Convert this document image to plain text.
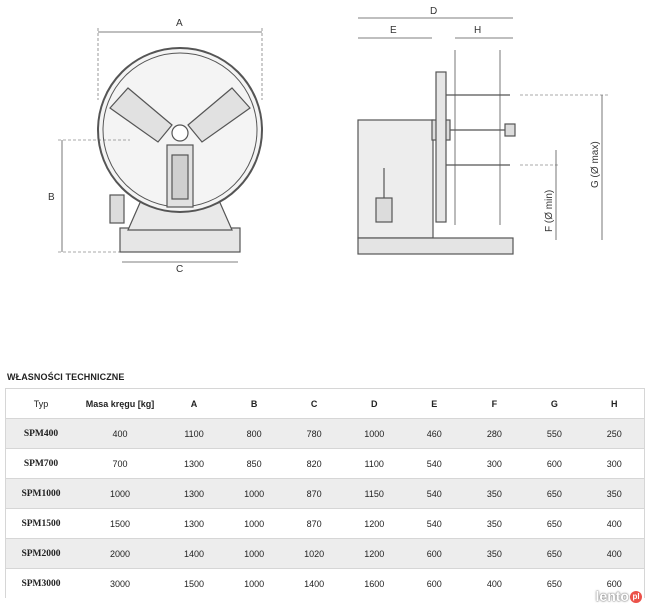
A
B
C
D
E	H
G (Ø max)
F (Ø min)
WŁASNOŚCI TECHNICZNE
Typ	Masa kręgu [kg]	A	B	C	D	E	F	G	H
SPM400	400	1100	800	780	1000	460	280	550	250
SPM700	700	1300	850	820	1100	540	300	600	300
SPM1000	1000	1300	1000	870	1150	540	350	650	350
SPM1500	1500	1300	1000	870	1200	540	350	650	400
SPM2000	2000	1400	1000	1020	1200	600	350	650	400
SPM3000	3000	1500	1000	1400	1600	600	400	650	600
lento pl
